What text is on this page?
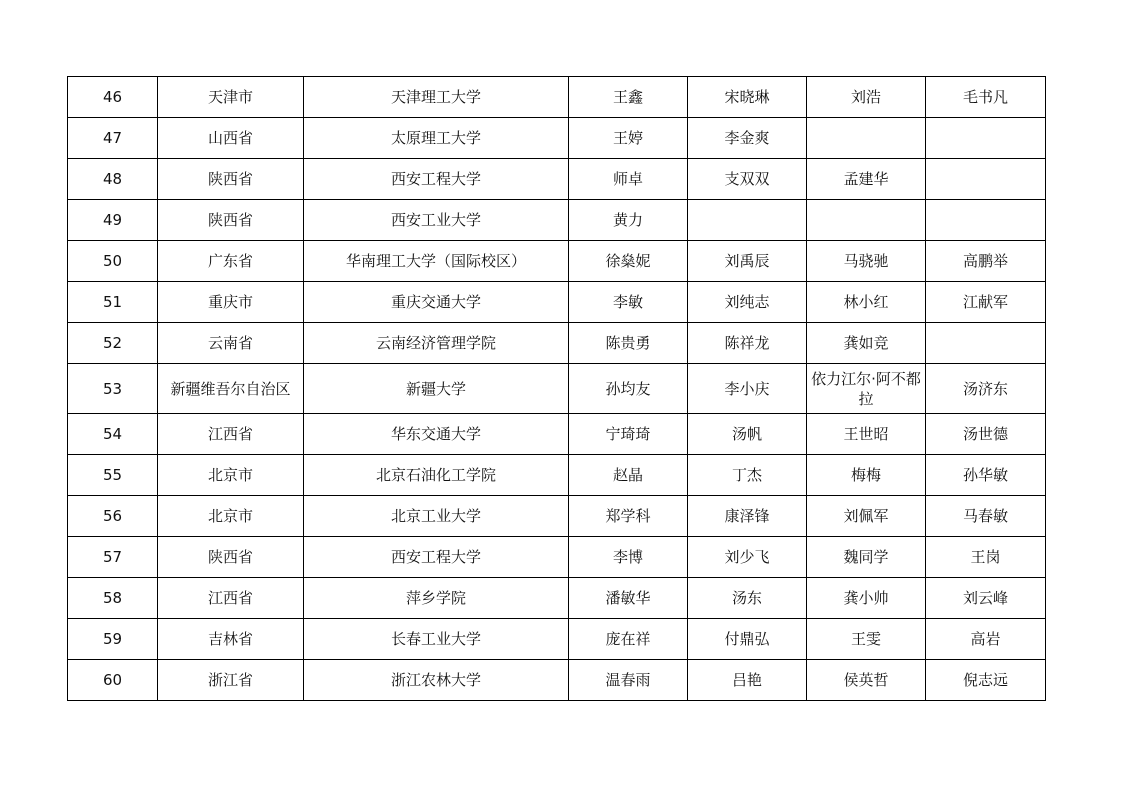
46	天津市	天津理工大学	王鑫	宋晓琳	刘浩	毛书凡
47	山西省	太原理工大学	王婷	李金爽		
48	陕西省	西安工程大学	师卓	支双双	孟建华	
49	陕西省	西安工业大学	黄力			
50	广东省	华南理工大学（国际校区）	徐燊妮	刘禹辰	马骁驰	高鹏举
51	重庆市	重庆交通大学	李敏	刘纯志	林小红	江献军
52	云南省	云南经济管理学院	陈贵勇	陈祥龙	龚如竞	
53	新疆维吾尔自治区	新疆大学	孙均友	李小庆	依力江尔·阿不都拉	汤济东
54	江西省	华东交通大学	宁琦琦	汤帆	王世昭	汤世德
55	北京市	北京石油化工学院	赵晶	丁杰	梅梅	孙华敏
56	北京市	北京工业大学	郑学科	康泽锋	刘佩军	马春敏
57	陕西省	西安工程大学	李博	刘少飞	魏同学	王岗
58	江西省	萍乡学院	潘敏华	汤东	龚小帅	刘云峰
59	吉林省	长春工业大学	庞在祥	付鼎弘	王雯	高岩
60	浙江省	浙江农林大学	温春雨	吕艳	侯英哲	倪志远
